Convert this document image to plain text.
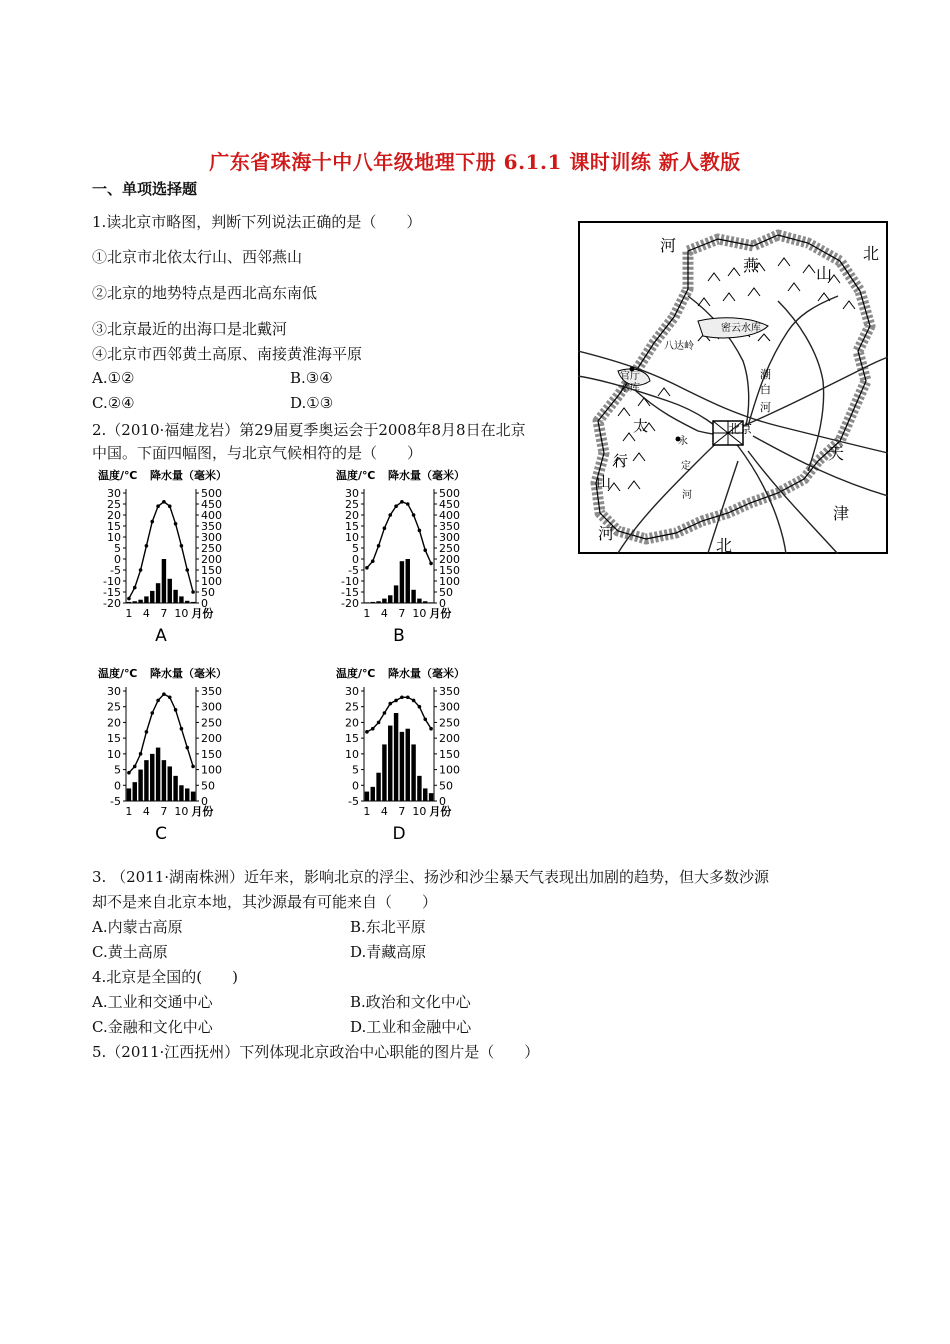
广东省珠海十中八年级地理下册 6.1.1 课时训练 新人教版
一、单项选择题
1.读北京市略图，判断下列说法正确的是（　　）
①北京市北依太行山、西邻燕山
②北京的地势特点是西北高东南低
③北京最近的出海口是北戴河
④北京市西邻黄土高原、南接黄淮海平原
A.①②	B.③④
C.②④	D.①③
2.（2010·福建龙岩）第29届夏季奥运会于2008年8月8日在北京
中国。下面四幅图，与北京气候相符的是（　　）
河	北
燕	山
密云水库
八达岭
官厅
水库
潮
白
河
太
行
山
永
定
河
北京
天
津
河
北
温度/℃ 降水量（毫米）
-20
-15
-10
-5
0
5
10
15
20
25
30
0
50
100
150
200
250
300
350
400
450
500
1 4 7 10 月份
A
温度/℃ 降水量（毫米）
-20
-15
-10
-5
0
5
10
15
20
25
30
0
50
100
150
200
250
300
350
400
450
500
1 4 7 10 月份
B
温度/℃ 降水量（毫米）
-5
0
5
10
15
20
25
30
0
50
100
150
200
250
300
350
1 4 7 10 月份
C
温度/℃ 降水量（毫米）
-5
0
5
10
15
20
25
30
0
50
100
150
200
250
300
350
1 4 7 10 月份
D
3. （2011·湖南株洲）近年来，影响北京的浮尘、扬沙和沙尘暴天气表现出加剧的趋势，但大多数沙源
却不是来自北京本地，其沙源最有可能来自（　　）
A.内蒙古高原	B.东北平原
C.黄土高原	D.青藏高原
4.北京是全国的(　　)
A.工业和交通中心	B.政治和文化中心
C.金融和文化中心	D.工业和金融中心
5.（2011·江西抚州）下列体现北京政治中心职能的图片是（　　）
